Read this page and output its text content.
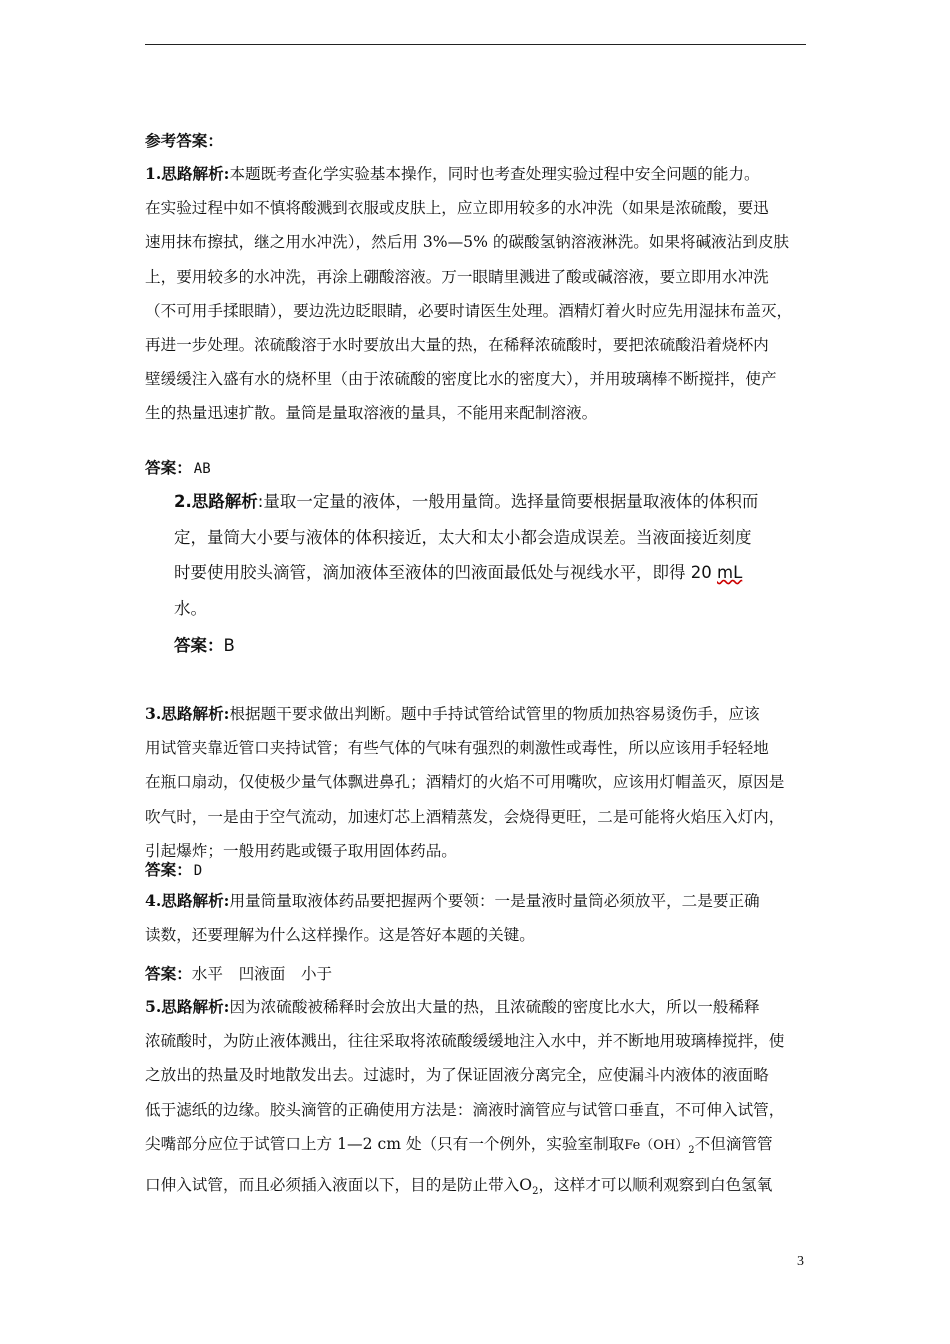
参考答案：

1.思路解析:本题既考查化学实验基本操作，同时也考查处理实验过程中安全问题的能力。

在实验过程中如不慎将酸溅到衣服或皮肤上，应立即用较多的水冲洗（如果是浓硫酸，要迅

速用抹布擦拭，继之用水冲洗），然后用 3%—5% 的碳酸氢钠溶液淋洗。如果将碱液沾到皮肤

上，要用较多的水冲洗，再涂上硼酸溶液。万一眼睛里溅进了酸或碱溶液，要立即用水冲洗

（不可用手揉眼睛），要边洗边眨眼睛，必要时请医生处理。酒精灯着火时应先用湿抹布盖灭，

再进一步处理。浓硫酸溶于水时要放出大量的热，在稀释浓硫酸时，要把浓硫酸沿着烧杯内

壁缓缓注入盛有水的烧杯里（由于浓硫酸的密度比水的密度大），并用玻璃棒不断搅拌，使产

生的热量迅速扩散。量筒是量取溶液的量具，不能用来配制溶液。

答案： AB

2.思路解析:量取一定量的液体，一般用量筒。选择量筒要根据量取液体的体积而

定，量筒大小要与液体的体积接近，太大和太小都会造成误差。当液面接近刻度

时要使用胶头滴管，滴加液体至液体的凹液面最低处与视线水平，即得 20 mL

水。

答案：B

3.思路解析:根据题干要求做出判断。题中手持试管给试管里的物质加热容易烫伤手，应该

用试管夹靠近管口夹持试管；有些气体的气味有强烈的刺激性或毒性，所以应该用手轻轻地

在瓶口扇动，仅使极少量气体飘进鼻孔；酒精灯的火焰不可用嘴吹，应该用灯帽盖灭，原因是

吹气时，一是由于空气流动，加速灯芯上酒精蒸发，会烧得更旺，二是可能将火焰压入灯内，

引起爆炸；一般用药匙或镊子取用固体药品。

答案： D

4.思路解析:用量筒量取液体药品要把握两个要领：一是量液时量筒必须放平，二是要正确

读数，还要理解为什么这样操作。这是答好本题的关键。

答案：水平　凹液面　小于

5.思路解析:因为浓硫酸被稀释时会放出大量的热，且浓硫酸的密度比水大，所以一般稀释

浓硫酸时，为防止液体溅出，往往采取将浓硫酸缓缓地注入水中，并不断地用玻璃棒搅拌，使

之放出的热量及时地散发出去。过滤时，为了保证固液分离完全，应使漏斗内液体的液面略

低于滤纸的边缘。胶头滴管的正确使用方法是：滴液时滴管应与试管口垂直，不可伸入试管，

尖嘴部分应位于试管口上方 1—2 cm 处（只有一个例外，实验室制取$Fe(OH)_2$不但滴管管

口伸入试管，而且必须插入液面以下，目的是防止带入$O_2$，这样才可以顺利观察到白色氢氧

3
